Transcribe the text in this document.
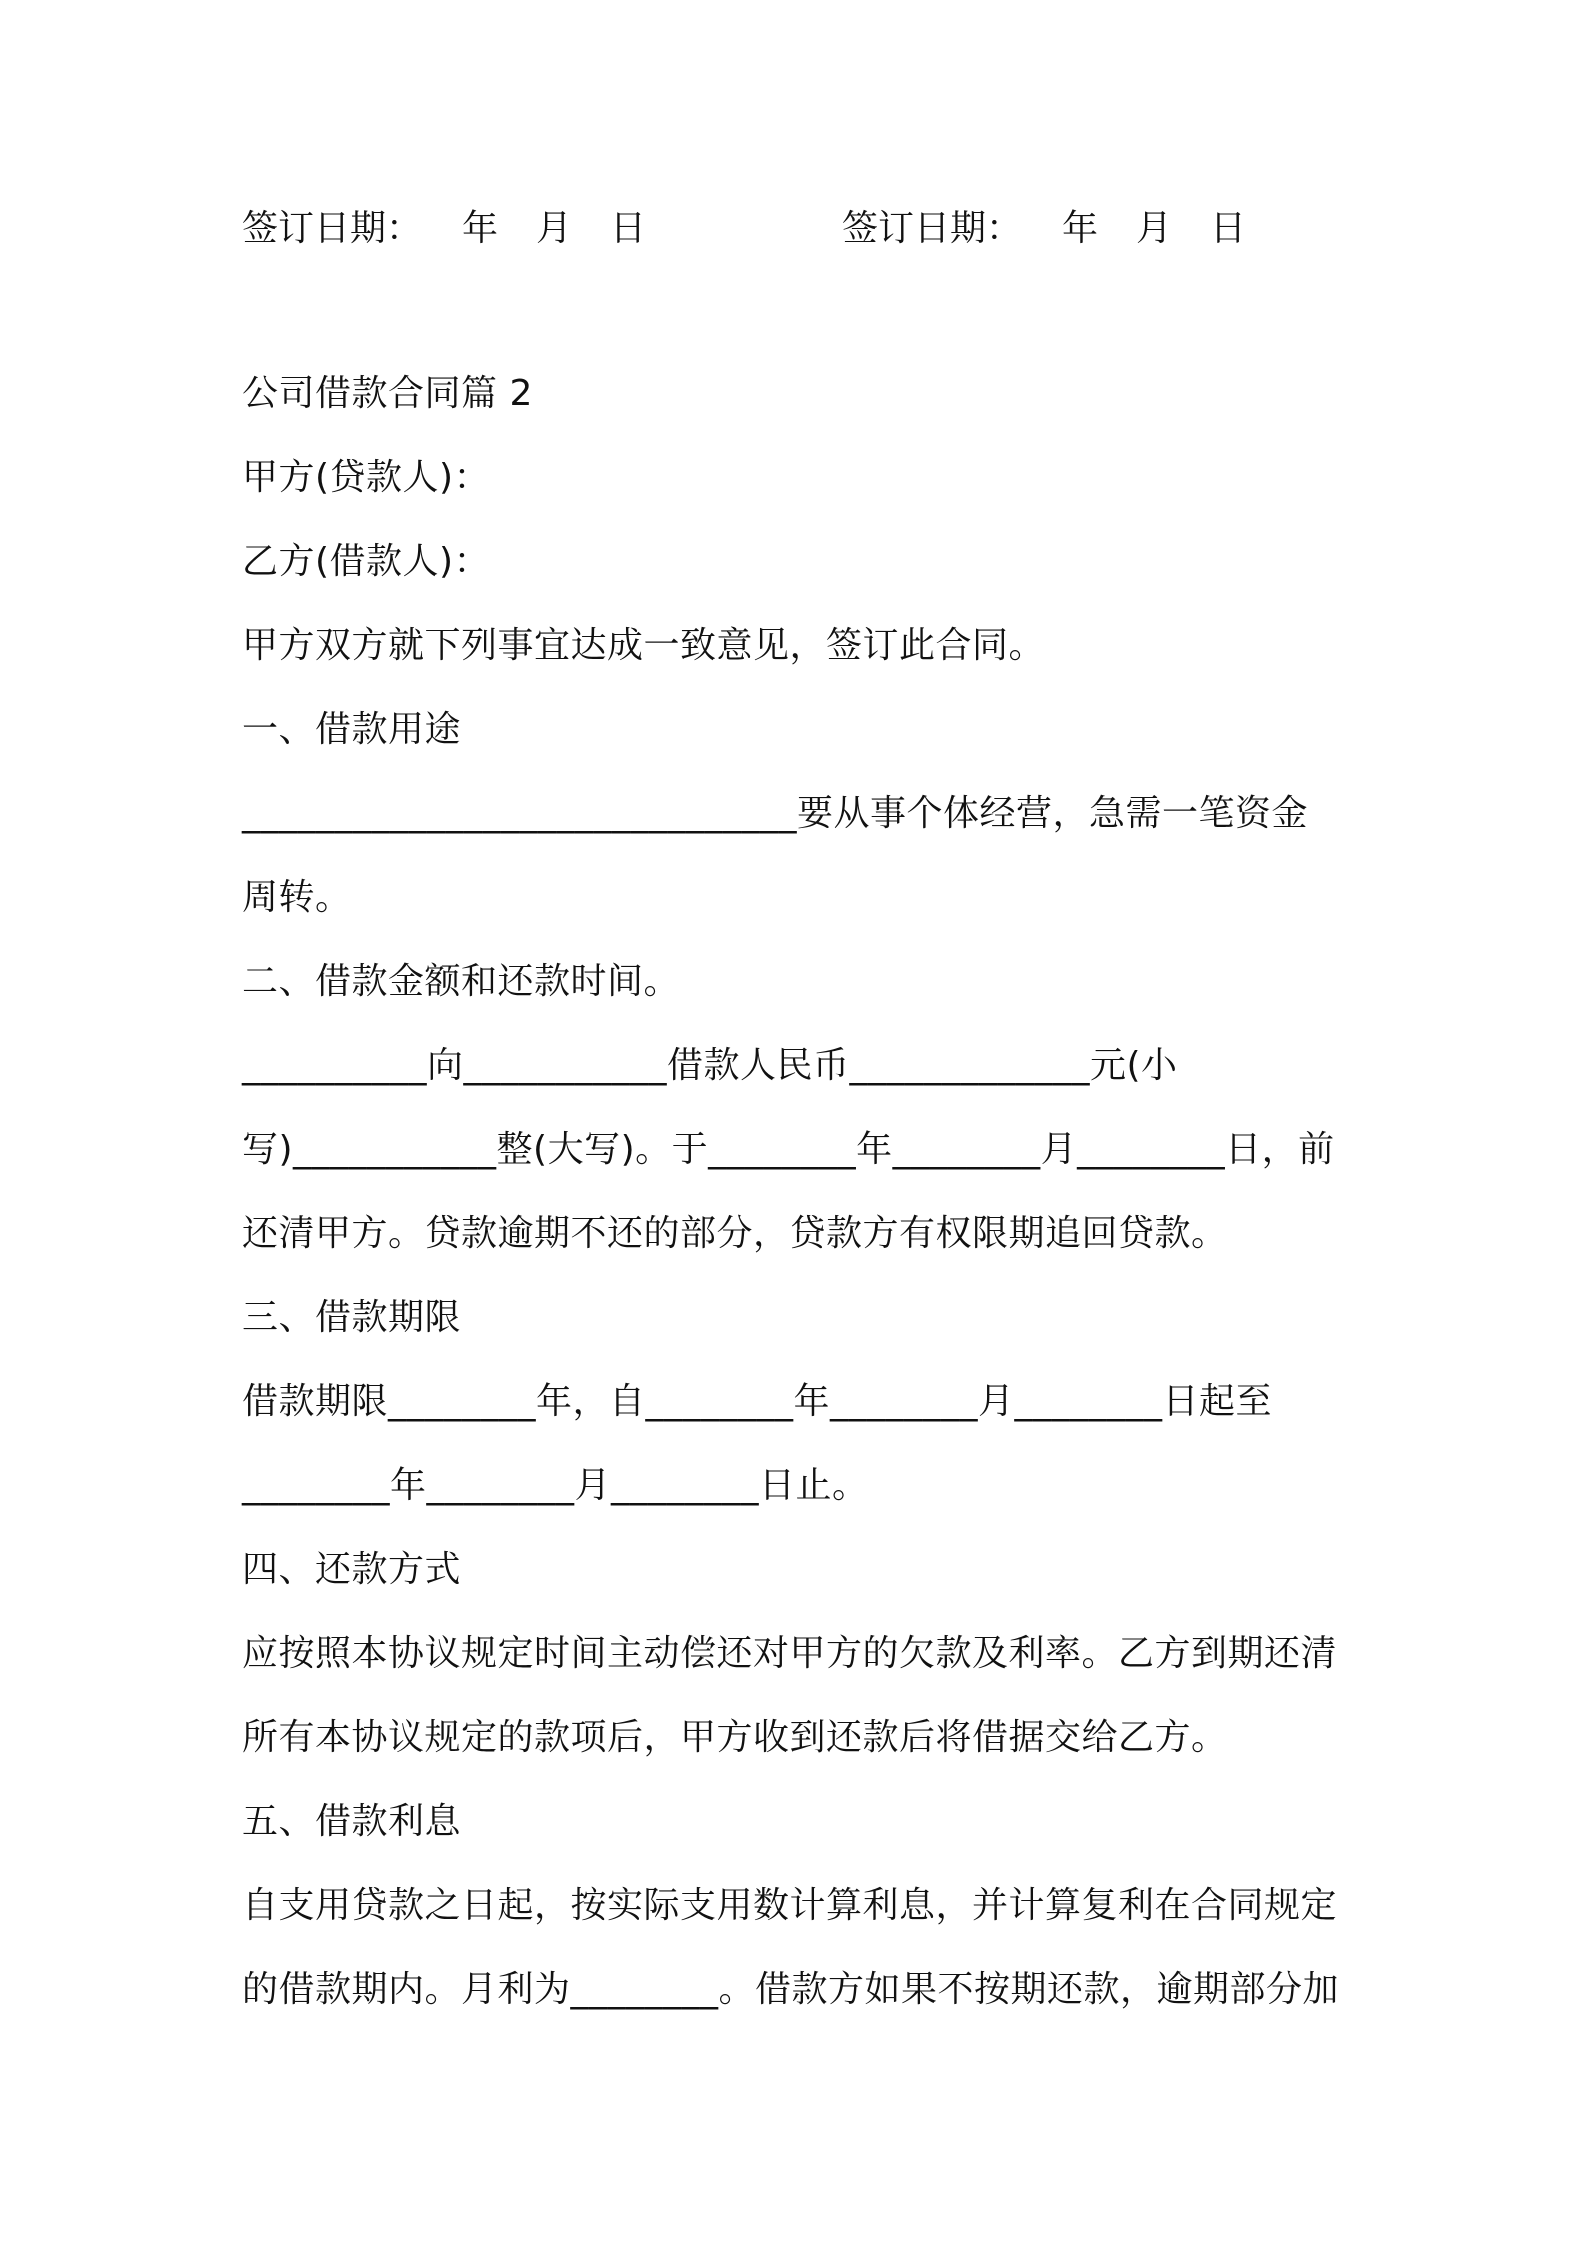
签订日期： 年 月 日	签订日期： 年 月 日
公司借款合同篇 2
甲方(贷款人)：
乙方(借款人)：
甲方双方就下列事宜达成一致意见，签订此合同。
一、借款用途
______________________________要从事个体经营，急需一笔资金
周转。
二、借款金额和还款时间。
__________向___________借款人民币_____________元(小
写)___________整(大写)。于________年________月________日，前
还清甲方。贷款逾期不还的部分，贷款方有权限期追回贷款。
三、借款期限
借款期限________年，自________年________月________日起至
________年________月________日止。
四、还款方式
应按照本协议规定时间主动偿还对甲方的欠款及利率。乙方到期还清
所有本协议规定的款项后，甲方收到还款后将借据交给乙方。
五、借款利息
自支用贷款之日起，按实际支用数计算利息，并计算复利在合同规定
的借款期内。月利为________。借款方如果不按期还款，逾期部分加
